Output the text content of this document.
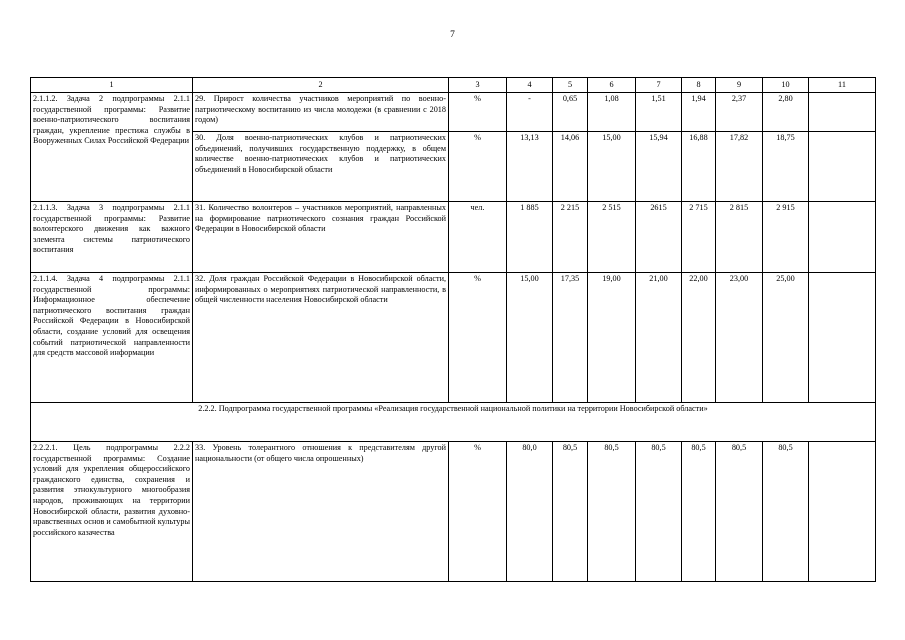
7
1	2	3	4	5	6	7	8	9	10	11
2.1.1.2. Задача 2 подпрограммы 2.1.1 государственной программы: Развитие военно-патриотического воспитания граждан, укрепление престижа службы в Вооруженных Силах Российской Федерации	29. Прирост количества участников мероприятий по военно-патриотическому воспитанию из числа молодежи (в сравнении с 2018 годом)	%	-	0,65	1,08	1,51	1,94	2,37	2,80	
	30. Доля военно-патриотических клубов и патриотических объединений, получивших государственную поддержку, в общем количестве военно-патриотических клубов и патриотических объединений в Новосибирской области	%	13,13	14,06	15,00	15,94	16,88	17,82	18,75	
2.1.1.3. Задача 3 подпрограммы 2.1.1 государственной программы: Развитие волонтерского движения как важного элемента системы патриотического воспитания	31. Количество волонтеров – участников мероприятий, направленных на формирование патриотического сознания граждан Российской Федерации в Новосибирской области	чел.	1 885	2 215	2 515	2615	2 715	2 815	2 915	
2.1.1.4. Задача 4 подпрограммы 2.1.1 государственной программы: Информационное обеспечение патриотического воспитания граждан Российской Федерации в Новосибирской области, создание условий для освещения событий патриотической направленности для средств массовой информации	32. Доля граждан Российской Федерации в Новосибирской области, информированных о мероприятиях патриотической направленности, в общей численности населения Новосибирской области	%	15,00	17,35	19,00	21,00	22,00	23,00	25,00	
2.2.2. Подпрограмма государственной программы «Реализация государственной национальной политики на территории Новосибирской области»										
2.2.2.1. Цель подпрограммы 2.2.2 государственной программы: Создание условий для укрепления общероссийского гражданского единства, сохранения и развития этнокультурного многообразия народов, проживающих на территории Новосибирской области, развития духовно-нравственных основ и самобытной культуры российского казачества	33. Уровень толерантного отношения к представителям другой национальности (от общего числа опрошенных)	%	80,0	80,5	80,5	80,5	80,5	80,5	80,5	
